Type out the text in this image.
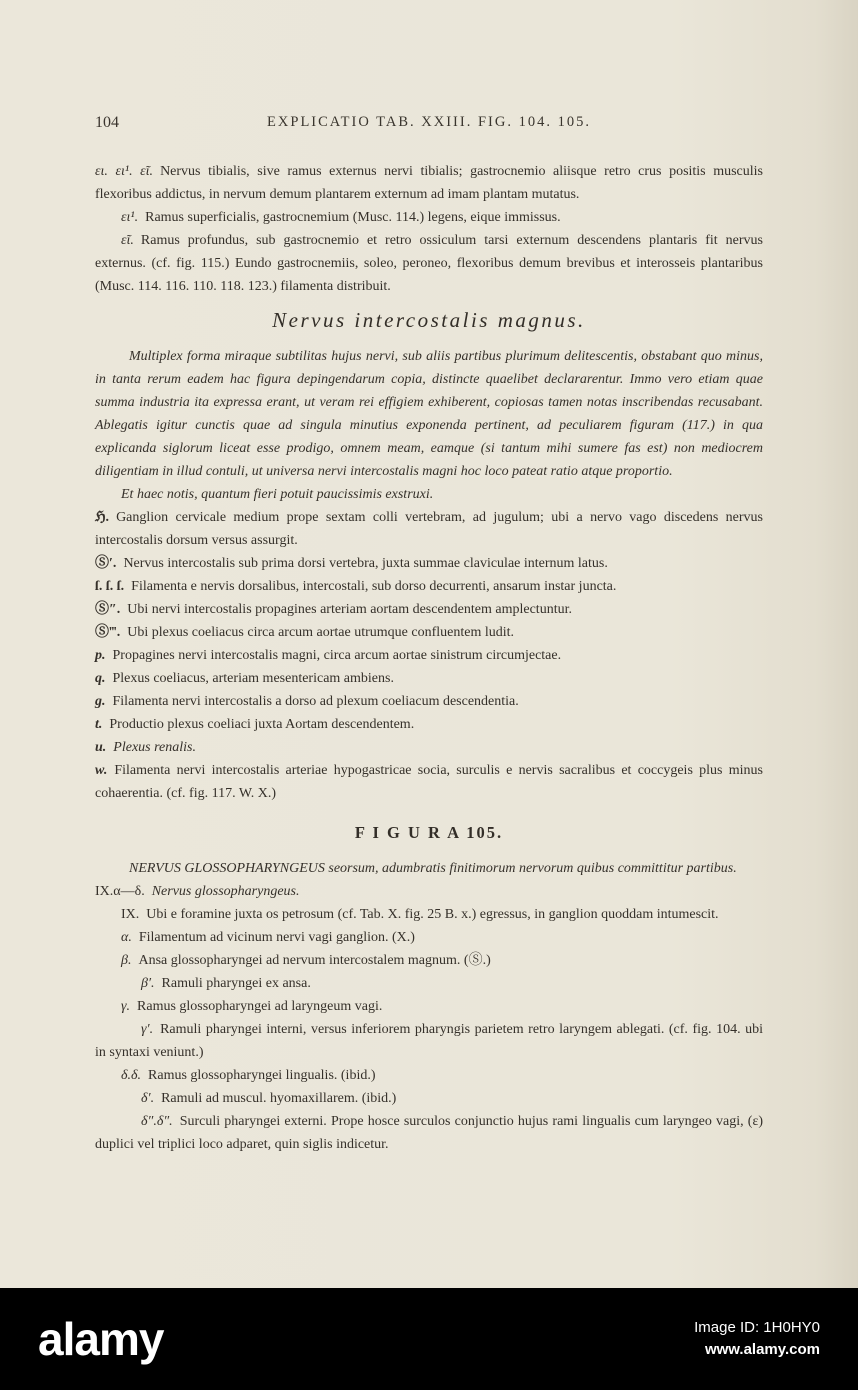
104	EXPLICATIO TAB. XXIII. FIG. 104. 105.

ει. ει¹. εῖ. Nervus tibialis, sive ramus externus nervi tibialis; gastrocnemio aliisque retro crus positis musculis flexoribus addictus, in nervum demum plantarem externum ad imam plantam mutatus.

ει¹. Ramus superficialis, gastrocnemium (Musc. 114.) legens, eique immissus.

εῖ. Ramus profundus, sub gastrocnemio et retro ossiculum tarsi externum descendens plantaris fit nervus externus. (cf. fig. 115.) Eundo gastrocnemiis, soleo, peroneo, flexoribus demum brevibus et interosseis plantaribus (Musc. 114. 116. 110. 118. 123.) filamenta distribuit.

Nervus intercostalis magnus.

Multiplex forma miraque subtilitas hujus nervi, sub aliis partibus plurimum delitescentis, obstabant quo minus, in tanta rerum eadem hac figura depingendarum copia, distincte quaelibet declararentur. Immo vero etiam quae summa industria ita expressa erant, ut veram rei effigiem exhiberent, copiosas tamen notas inscribendas recusabant. Ablegatis igitur cunctis quae ad singula minutius exponenda pertinent, ad peculiarem figuram (117.) in qua explicanda siglorum liceat esse prodigo, omnem meam, eamque (si tantum mihi sumere fas est) non mediocrem diligentiam in illud contuli, ut universa nervi intercostalis magni hoc loco pateat ratio atque proportio.

Et haec notis, quantum fieri potuit paucissimis exstruxi.

ℌ. Ganglion cervicale medium prope sextam colli vertebram, ad jugulum; ubi a nervo vago discedens nervus intercostalis dorsum versus assurgit.

Ⓢ′. Nervus intercostalis sub prima dorsi vertebra, juxta summae claviculae internum latus.

ſ. ſ. ſ. Filamenta e nervis dorsalibus, intercostali, sub dorso decurrenti, ansarum instar juncta.

Ⓢ″. Ubi nervi intercostalis propagines arteriam aortam descendentem amplectuntur.

Ⓢ‴. Ubi plexus coeliacus circa arcum aortae utrumque confluentem ludit.

p. Propagines nervi intercostalis magni, circa arcum aortae sinistrum circumjectae.

q. Plexus coeliacus, arteriam mesentericam ambiens.

g. Filamenta nervi intercostalis a dorso ad plexum coeliacum descendentia.

t. Productio plexus coeliaci juxta Aortam descendentem.

u. Plexus renalis.

w. Filamenta nervi intercostalis arteriae hypogastricae socia, surculis e nervis sacralibus et coccygeis plus minus cohaerentia. (cf. fig. 117. W. X.)

F I G U R A 105.

NERVUS GLOSSOPHARYNGEUS seorsum, adumbratis finitimorum nervorum quibus committitur partibus.

IX.α—δ. Nervus glossopharyngeus.

IX. Ubi e foramine juxta os petrosum (cf. Tab. X. fig. 25 B. x.) egressus, in ganglion quoddam intumescit.

α. Filamentum ad vicinum nervi vagi ganglion. (X.)

β. Ansa glossopharyngei ad nervum intercostalem magnum. (Ⓢ.)

β′. Ramuli pharyngei ex ansa.

γ. Ramus glossopharyngei ad laryngeum vagi.

γ′. Ramuli pharyngei interni, versus inferiorem pharyngis parietem retro laryngem ablegati. (cf. fig. 104. ubi in syntaxi veniunt.)

δ.δ. Ramus glossopharyngei lingualis. (ibid.)

δ′. Ramuli ad muscul. hyomaxillarem. (ibid.)

δ″.δ″. Surculi pharyngei externi. Prope hosce surculos conjunctio hujus rami lingualis cum laryngeo vagi, (ε) duplici vel triplici loco adparet, quin siglis indicetur.

alamy	Image ID: 1H0HY0
www.alamy.com
